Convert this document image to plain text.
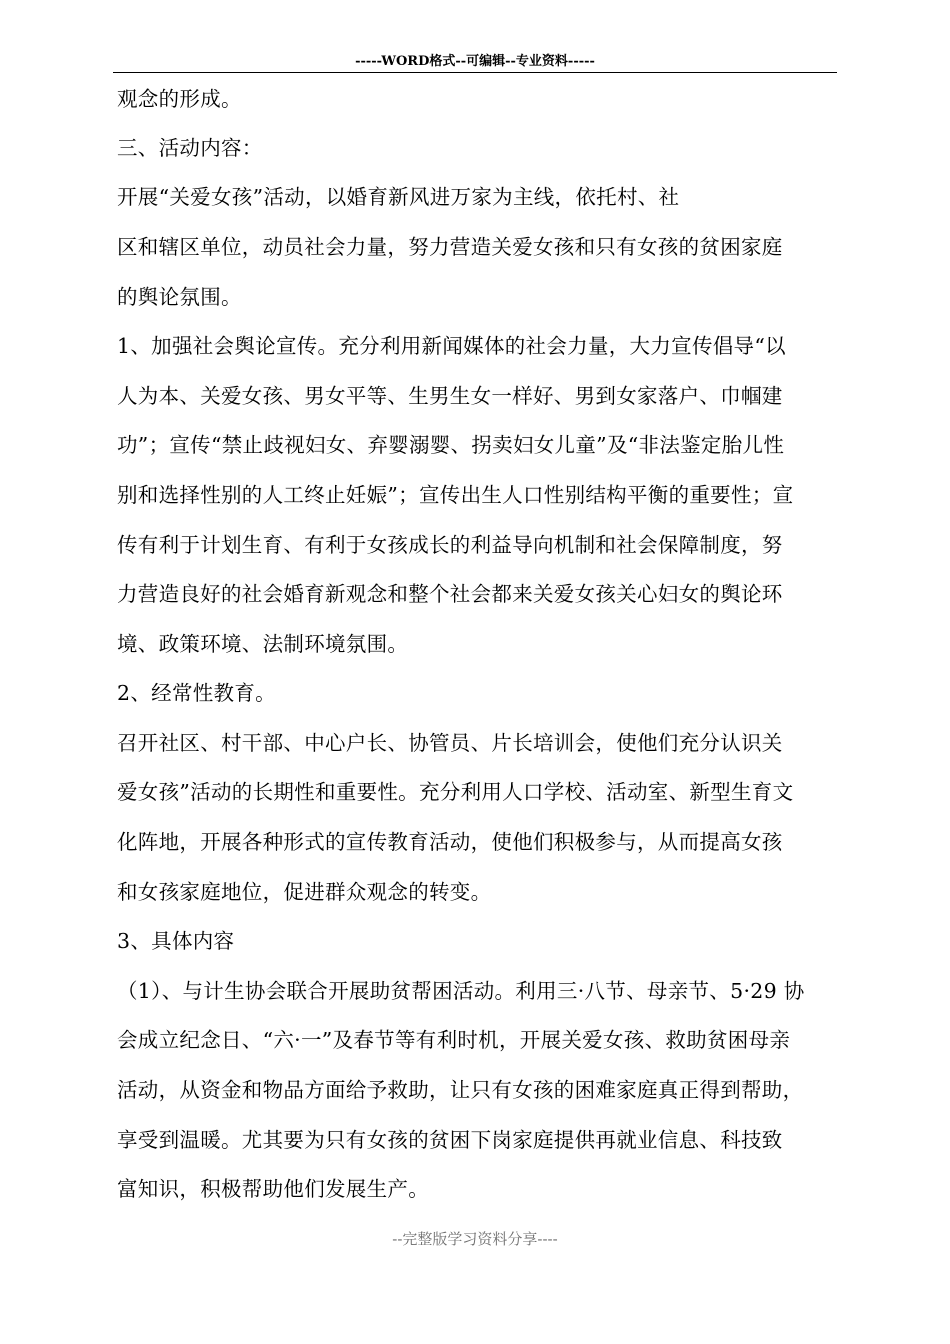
-----WORD格式--可编辑--专业资料-----
观念的形成。
三、活动内容：
开展“关爱女孩”活动，以婚育新风进万家为主线，依托村、社
区和辖区单位，动员社会力量，努力营造关爱女孩和只有女孩的贫困家庭
的舆论氛围。
1、加强社会舆论宣传。充分利用新闻媒体的社会力量，大力宣传倡导“以
人为本、关爱女孩、男女平等、生男生女一样好、男到女家落户、巾帼建
功”；宣传“禁止歧视妇女、弃婴溺婴、拐卖妇女儿童”及“非法鉴定胎儿性
别和选择性别的人工终止妊娠”；宣传出生人口性别结构平衡的重要性；宣
传有利于计划生育、有利于女孩成长的利益导向机制和社会保障制度，努
力营造良好的社会婚育新观念和整个社会都来关爱女孩关心妇女的舆论环
境、政策环境、法制环境氛围。
2、经常性教育。
召开社区、村干部、中心户长、协管员、片长培训会，使他们充分认识关
爱女孩”活动的长期性和重要性。充分利用人口学校、活动室、新型生育文
化阵地，开展各种形式的宣传教育活动，使他们积极参与，从而提高女孩
和女孩家庭地位，促进群众观念的转变。
3、具体内容
（1）、与计生协会联合开展助贫帮困活动。利用三·八节、母亲节、5·29 协
会成立纪念日、“六·一”及春节等有利时机，开展关爱女孩、救助贫困母亲
活动，从资金和物品方面给予救助，让只有女孩的困难家庭真正得到帮助，
享受到温暖。尤其要为只有女孩的贫困下岗家庭提供再就业信息、科技致
富知识，积极帮助他们发展生产。
--完整版学习资料分享----
